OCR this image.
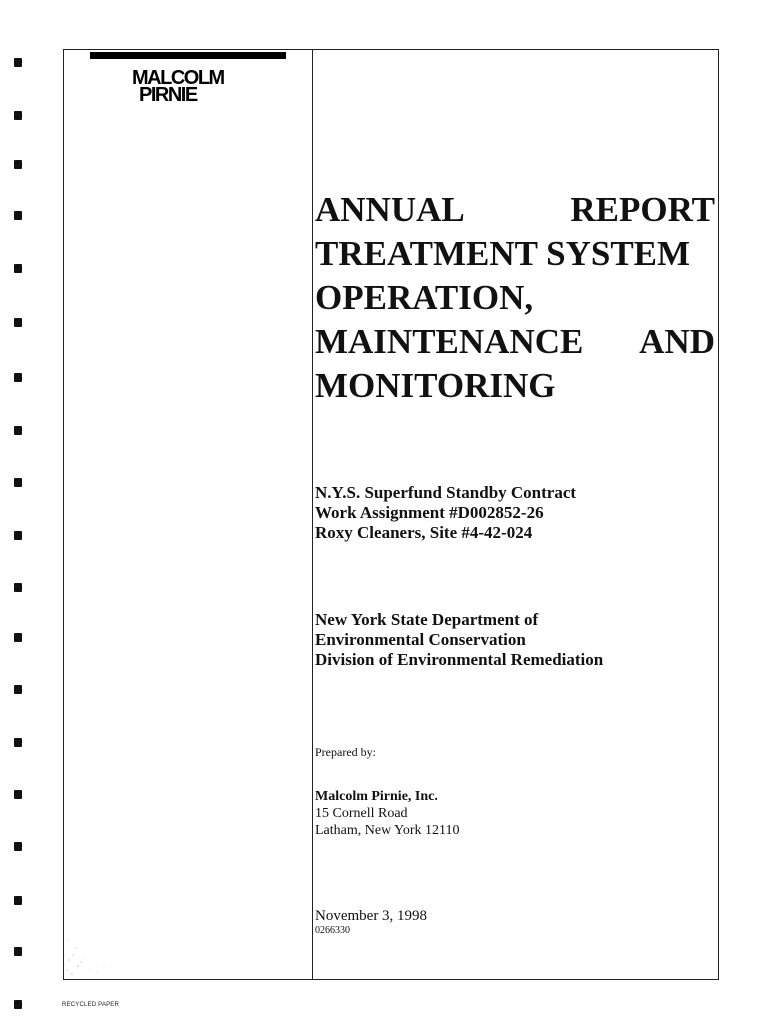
MALCOLM
PIRNIE
ANNUAL	REPORT
TREATMENT SYSTEM
OPERATION,
MAINTENANCE AND
MONITORING
N.Y.S. Superfund Standby Contract
Work Assignment #D002852-26
Roxy Cleaners, Site #4-42-024
New York State Department of
Environmental Conservation
Division of Environmental Remediation
Prepared by:
Malcolm Pirnie, Inc.
15 Cornell Road
Latham, New York 12110
November 3, 1998
0266330
RECYCLED PAPER
